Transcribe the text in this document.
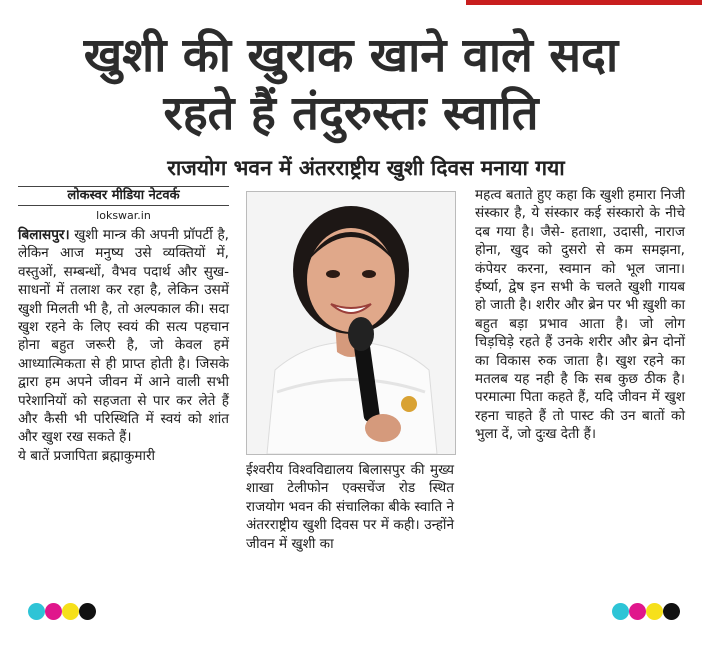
खुशी की खुराक खाने वाले सदा
रहते हैं तंदुरुस्तः स्वाति
राजयोग भवन में अंतरराष्ट्रीय खुशी दिवस मनाया गया
लोकस्वर मीडिया नेटवर्क
lokswar.in
बिलासपुर। खुशी मान्त्र की अपनी प्रॉपर्टी है, लेकिन आज मनुष्य उसे व्यक्तियों में, वस्तुओं, सम्बन्धों, वैभव पदार्थ और सुख-साधनों में तलाश कर रहा है, लेकिन उसमें खुशी मिलती भी है, तो अल्पकाल की। सदा खुश रहने के लिए स्वयं की सत्य पहचान होना बहुत जरूरी है, जो केवल हमें आध्यात्मिकता से ही प्राप्त होती है। जिसके द्वारा हम अपने जीवन में आने वाली सभी परेशानियों को सहजता से पार कर लेते हैं और कैसी भी परिस्थिति में स्वयं को शांत और खुश रख सकते हैं।
ये बातें प्रजापिता ब्रह्माकुमारी
ईश्वरीय विश्वविद्यालय बिलासपुर की मुख्य शाखा टेलीफोन एक्सचेंज रोड स्थित राजयोग भवन की संचालिका बीके स्वाति ने अंतरराष्ट्रीय खुशी दिवस पर में कही। उन्होंने जीवन में खुशी का
महत्व बताते हुए कहा कि खुशी हमारा निजी संस्कार है, ये संस्कार कई संस्कारो के नीचे दब गया है। जैसे- हताशा, उदासी, नाराज होना, खुद को दुसरो से कम समझना, कंपेयर करना, स्वमान को भूल जाना। ईर्ष्या, द्वेष इन सभी के चलते खुशी गायब हो जाती है। शरीर और ब्रेन पर भी ख़ुशी का बहुत बड़ा प्रभाव आता है। जो लोग चिड़चिड़े रहते हैं उनके शरीर और ब्रेन दोनों का विकास रुक जाता है। खुश रहने का मतलब यह नही है कि सब कुछ ठीक है। परमात्मा पिता कहते हैं, यदि जीवन में खुश रहना चाहते हैं तो पास्ट की उन बातों को भुला दें, जो दुःख देती हैं।
